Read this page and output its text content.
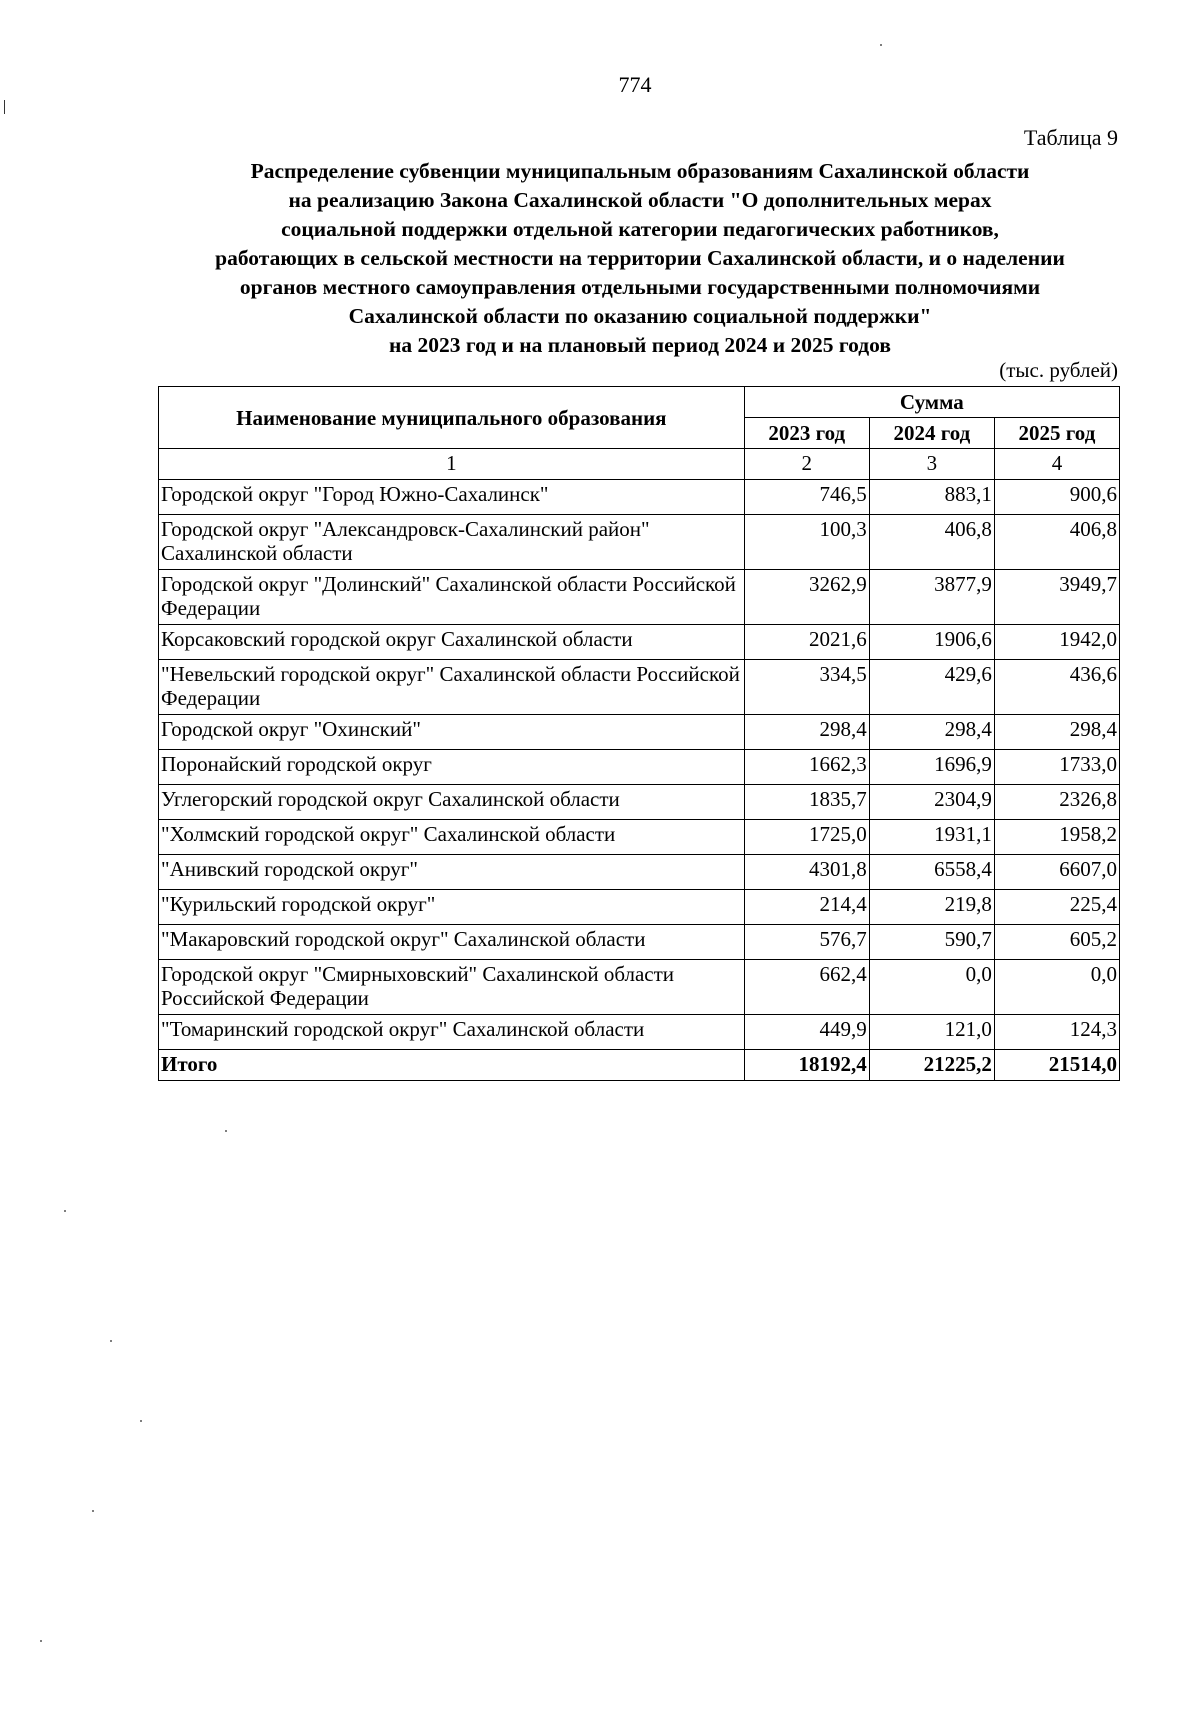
774
Таблица 9
Распределение субвенции муниципальным образованиям Сахалинской области
на реализацию Закона Сахалинской области "О дополнительных мерах
социальной поддержки отдельной категории педагогических работников,
работающих в сельской местности на территории Сахалинской области, и о наделении
органов местного самоуправления отдельными государственными полномочиями
Сахалинской области по оказанию социальной поддержки"
на 2023 год и на плановый период 2024 и 2025 годов
(тыс. рублей)
Наименование муниципального образования	Сумма		
	2023 год	2024 год	2025 год
1	2	3	4
Городской округ "Город Южно-Сахалинск"	746,5	883,1	900,6
Городской округ "Александровск-Сахалинский район" Сахалинской области	100,3	406,8	406,8
Городской округ "Долинский" Сахалинской области Российской Федерации	3262,9	3877,9	3949,7
Корсаковский городской округ Сахалинской области	2021,6	1906,6	1942,0
"Невельский городской округ" Сахалинской области Российской Федерации	334,5	429,6	436,6
Городской округ "Охинский"	298,4	298,4	298,4
Поронайский городской округ	1662,3	1696,9	1733,0
Углегорский городской округ Сахалинской области	1835,7	2304,9	2326,8
"Холмский городской округ" Сахалинской области	1725,0	1931,1	1958,2
"Анивский городской округ"	4301,8	6558,4	6607,0
"Курильский городской округ"	214,4	219,8	225,4
"Макаровский городской округ" Сахалинской области	576,7	590,7	605,2
Городской округ "Смирныховский" Сахалинской области Российской Федерации	662,4	0,0	0,0
"Томаринский городской округ" Сахалинской области	449,9	121,0	124,3
Итого	18192,4	21225,2	21514,0
